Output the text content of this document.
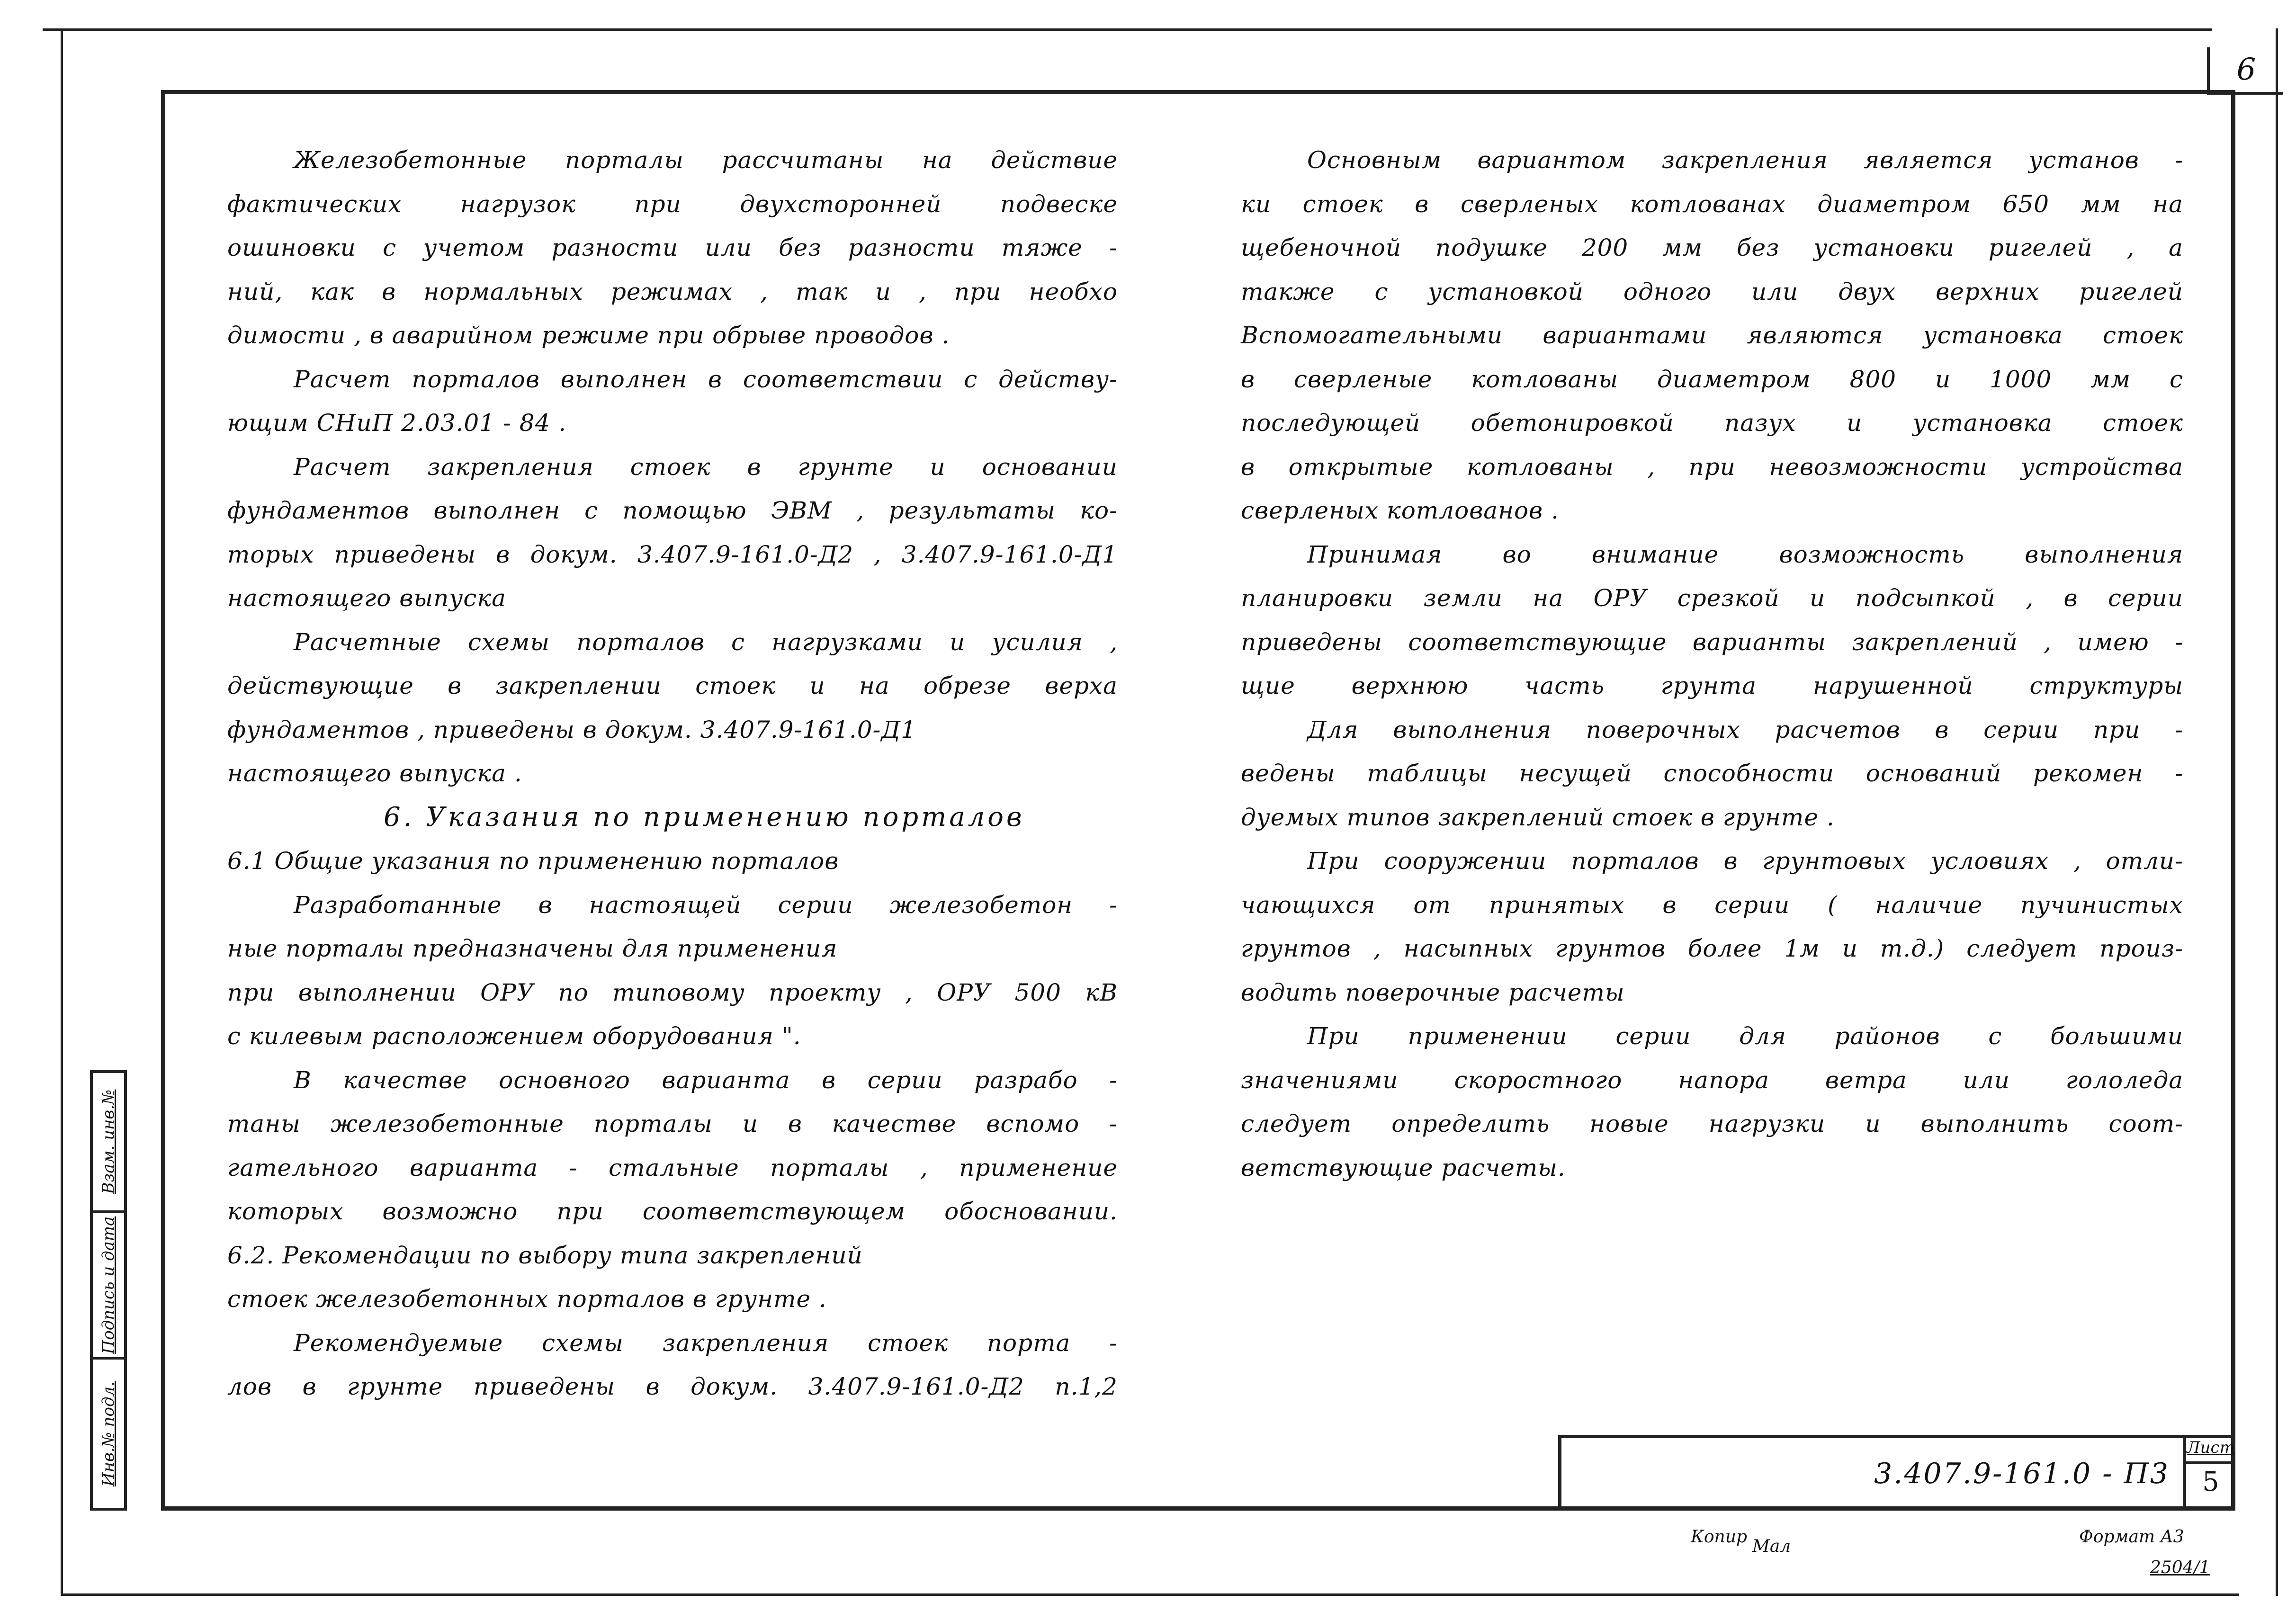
6
Железобетонные порталы рассчитаны на действие
фактических нагрузок при двухсторонней подвеске
ошиновки с учетом разности или без разности тяже -
ний, как в нормальных режимах , так и , при необхо
димости , в аварийном режиме при обрыве проводов .
Расчет порталов выполнен в соответствии с действу-
ющим СНиП 2.03.01 - 84 .
Расчет закрепления стоек в грунте и основании
фундаментов выполнен с помощью ЭВМ , результаты ко-
торых приведены в докум. 3.407.9-161.0-Д2 , 3.407.9-161.0-Д1
настоящего выпуска
Расчетные схемы порталов с нагрузками и усилия ,
действующие в закреплении стоек и на обрезе верха
фундаментов , приведены в докум. 3.407.9-161.0-Д1
настоящего выпуска .
6. Указания по применению порталов
6.1 Общие указания по применению порталов
Разработанные в настоящей серии железобетон -
ные порталы предназначены для применения
при выполнении ОРУ по типовому проекту , ОРУ 500 кВ
с килевым расположением оборудования ".
В качестве основного варианта в серии разрабо -
таны железобетонные порталы и в качестве вспомо -
гательного варианта - стальные порталы , применение
которых возможно при соответствующем обосновании.
6.2. Рекомендации по выбору типа закреплений
стоек железобетонных порталов в грунте .
Рекомендуемые схемы закрепления стоек порта -
лов в грунте приведены в докум. 3.407.9-161.0-Д2 п.1,2
Основным вариантом закрепления является установ -
ки стоек в сверленых котлованах диаметром 650 мм на
щебеночной подушке 200 мм без установки ригелей , а
также с установкой одного или двух верхних ригелей
Вспомогательными вариантами являются установка стоек
в сверленые котлованы диаметром 800 и 1000 мм с
последующей обетонировкой пазух и установка стоек
в открытые котлованы , при невозможности устройства
сверленых котлованов .
Принимая во внимание возможность выполнения
планировки земли на ОРУ срезкой и подсыпкой , в серии
приведены соответствующие варианты закреплений , имею -
щие верхнюю часть грунта нарушенной структуры
Для выполнения поверочных расчетов в серии при -
ведены таблицы несущей способности оснований рекомен -
дуемых типов закреплений стоек в грунте .
При сооружении порталов в грунтовых условиях , отли-
чающихся от принятых в серии ( наличие пучинистых
грунтов , насыпных грунтов более 1м и т.д.) следует произ-
водить поверочные расчеты
При применении серии для районов с большими
значениями скоростного напора ветра или гололеда
следует определить новые нагрузки и выполнить соот-
ветствующие расчеты.
Инв.№ подл.
Подпись и дата
Взам. инв.№
3.407.9-161.0 - П3
Лист
5
Копир Мал	Формат А3
2504/1
